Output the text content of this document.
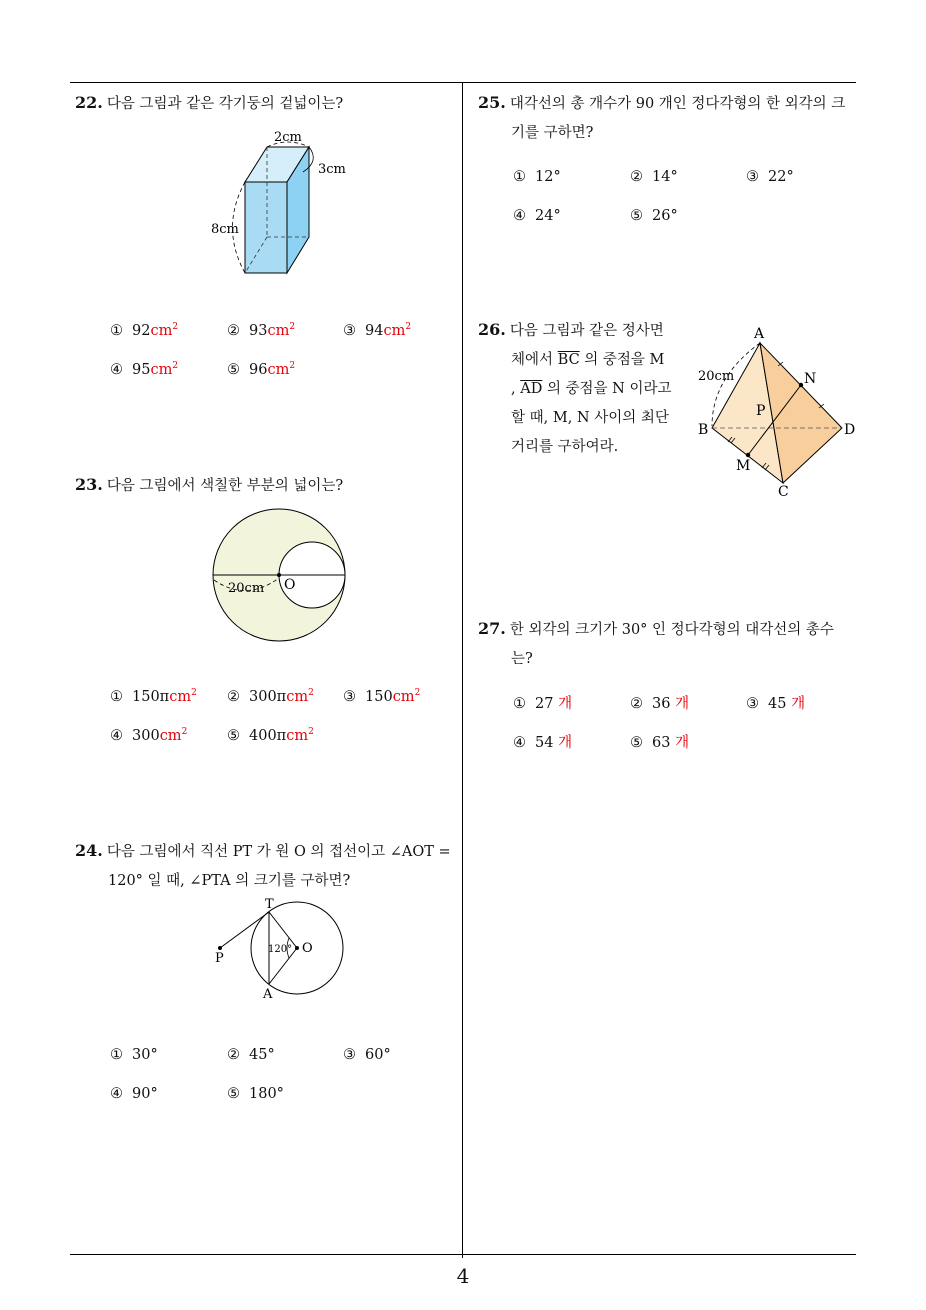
22. 다음 그림과 같은 각기둥의 겉넓이는?
2cm
3cm
8cm
① $92cm^2$	② $93cm^2$	③ $94cm^2$
④ $95cm^2$	⑤ $96cm^2$
23. 다음 그림에서 색칠한 부분의 넓이는?
20cm O
① 150πcm$^2$ ② 300πcm$^2$ ③ $150cm^2$
④ $300cm^2$	⑤ 400πcm$^2$
24. 다음 그림에서 직선 PT 가 원 O 의 접선이고 ∠AOT =
120° 일 때, ∠PTA 의 크기를 구하면?
T
P
A
O
120°
① 30°	② 45°	③ 60°
④ 90°	⑤ 180°
25. 대각선의 총 개수가 90 개인 정다각형의 한 외각의 크
기를 구하면?
① 12°	② 14°	③ 22°
④ 24°	⑤ 26°
26. 다음 그림과 같은 정사면
체에서 $\overline{BC}$ 의 중점을 M
, $\overline{AD}$ 의 중점을 N 이라고
할 때, M, N 사이의 최단
거리를 구하여라.
A
B
C
D
M
N
P
20cm
27. 한 외각의 크기가 30° 인 정다각형의 대각선의 총수
는?
① 27 개	② 36 개	③ 45 개
④ 54 개	⑤ 63 개
4
